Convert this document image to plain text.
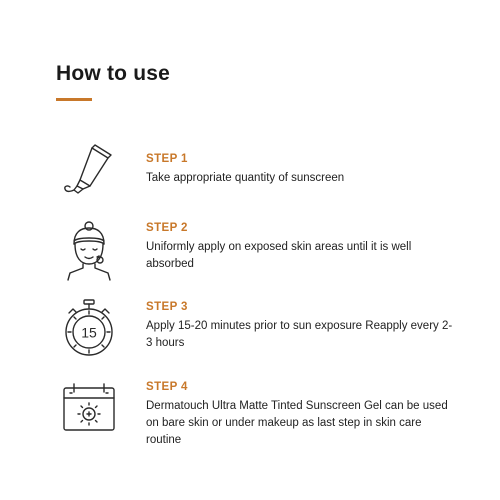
How to use

STEP 1

Take appropriate quantity of sunscreen

STEP 2

Uniformly apply on exposed skin areas until it is well absorbed

15

STEP 3

Apply 15-20 minutes prior to sun exposure Reapply every 2-3 hours

STEP 4

Dermatouch Ultra Matte Tinted Sunscreen Gel can be used on bare skin or under makeup as last step in skin care routine
